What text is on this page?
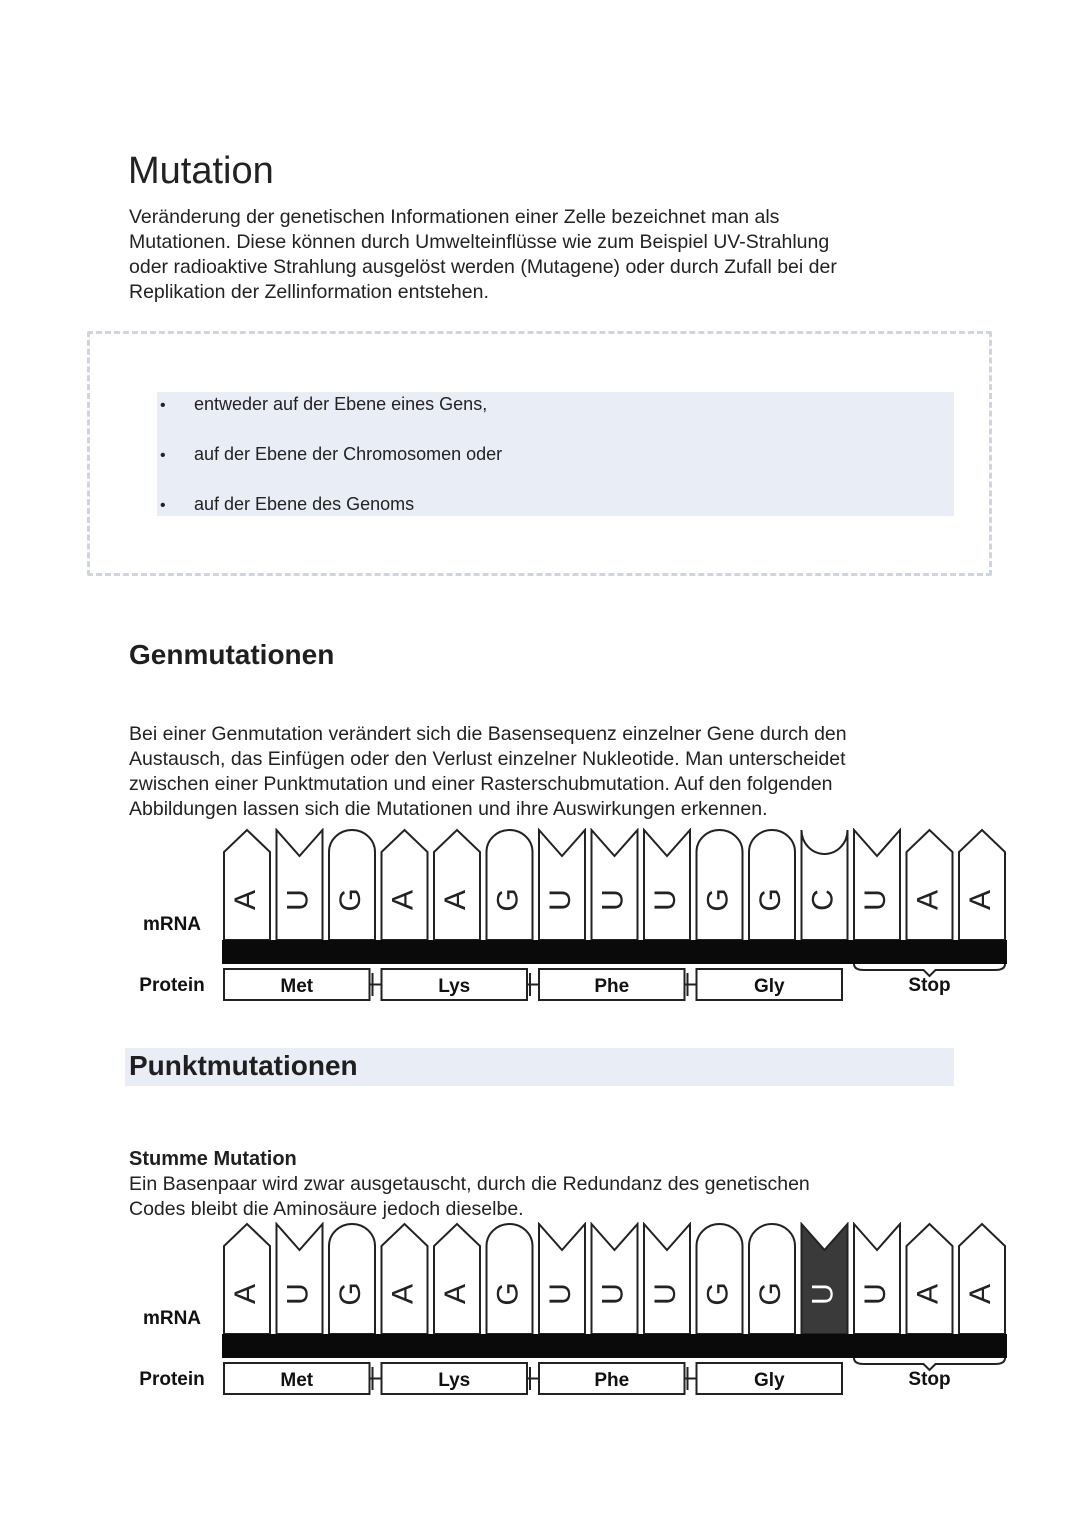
Mutation
Veränderung der genetischen Informationen einer Zelle bezeichnet man als
Mutationen. Diese können durch Umwelteinflüsse wie zum Beispiel UV-Strahlung
oder radioaktive Strahlung ausgelöst werden (Mutagene) oder durch Zufall bei der
Replikation der Zellinformation entstehen.
• entweder auf der Ebene eines Gens,
• auf der Ebene der Chromosomen oder
• auf der Ebene des Genoms
Genmutationen
Bei einer Genmutation verändert sich die Basensequenz einzelner Gene durch den
Austausch, das Einfügen oder den Verlust einzelner Nukleotide. Man unterscheidet
zwischen einer Punktmutation und einer Rasterschubmutation. Auf den folgenden
Abbildungen lassen sich die Mutationen und ihre Auswirkungen erkennen.
mRNA
Protein
A U G A A G U U U G G C U A A
Met	Lys	Phe	Gly	Stop
Punktmutationen
Stumme Mutation
Ein Basenpaar wird zwar ausgetauscht, durch die Redundanz des genetischen
Codes bleibt die Aminosäure jedoch dieselbe.
mRNA
Protein
A U G A A G U U U G G U U A A
Met	Lys	Phe	Gly	Stop
